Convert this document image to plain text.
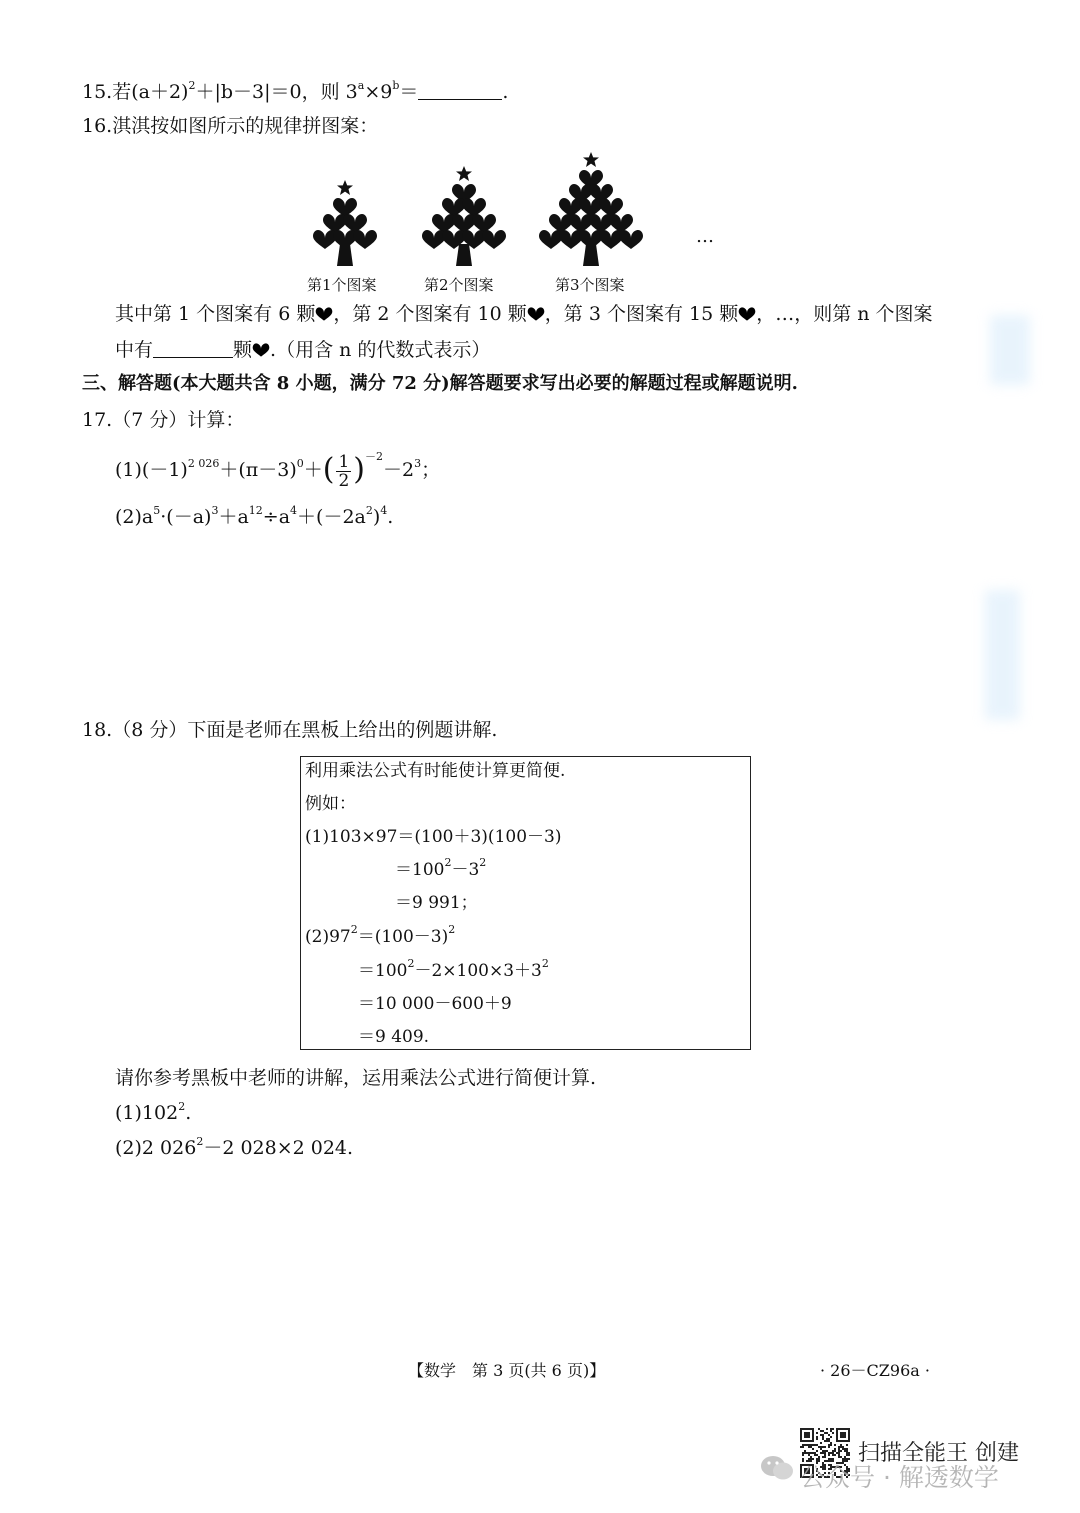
15.若$(a+2)^2+|b-3|=0$，则 $3^a\times 9^b=$	.
16.淇淇按如图所示的规律拼图案：
第1个图案	第2个图案	第3个图案
…
其中第 1 个图案有 6 颗 ，第 2 个图案有 10 颗 ，第 3 个图案有 15 颗 ，…，则第 n 个图案
中有	颗 .（用含 n 的代数式表示）
三、解答题(本大题共含 8 小题，满分 72 分)解答题要求写出必要的解题过程或解题说明.
17.（7 分）计算：
$(1)(-1)^{2 026}+(\pi-3)^0+( \frac{1}{2} )^{-2}-2^3$；
$(2)a^5\cdot(-a)^3+a^{12}\div a^4+(-2a^2)^4$.
18.（8 分）下面是老师在黑板上给出的例题讲解.
利用乘法公式有时能使计算更简便.
例如：
(1)103×97＝(100＋3)(100－3)
$=100^2-3^2$
＝9 991；
$(2)97^2=(100-3)^2$
$=100^2-2\times 100\times 3+3^2$
＝10 000－600＋9
＝9 409.
请你参考黑板中老师的讲解，运用乘法公式进行简便计算.
$(1)102^2$.
(2)2 $026^2-2$ 028×2 024.
【数学　第 3 页(共 6 页)】	· 26－CZ96a ·
扫描全能王 创建
公众号 · 解透数学
